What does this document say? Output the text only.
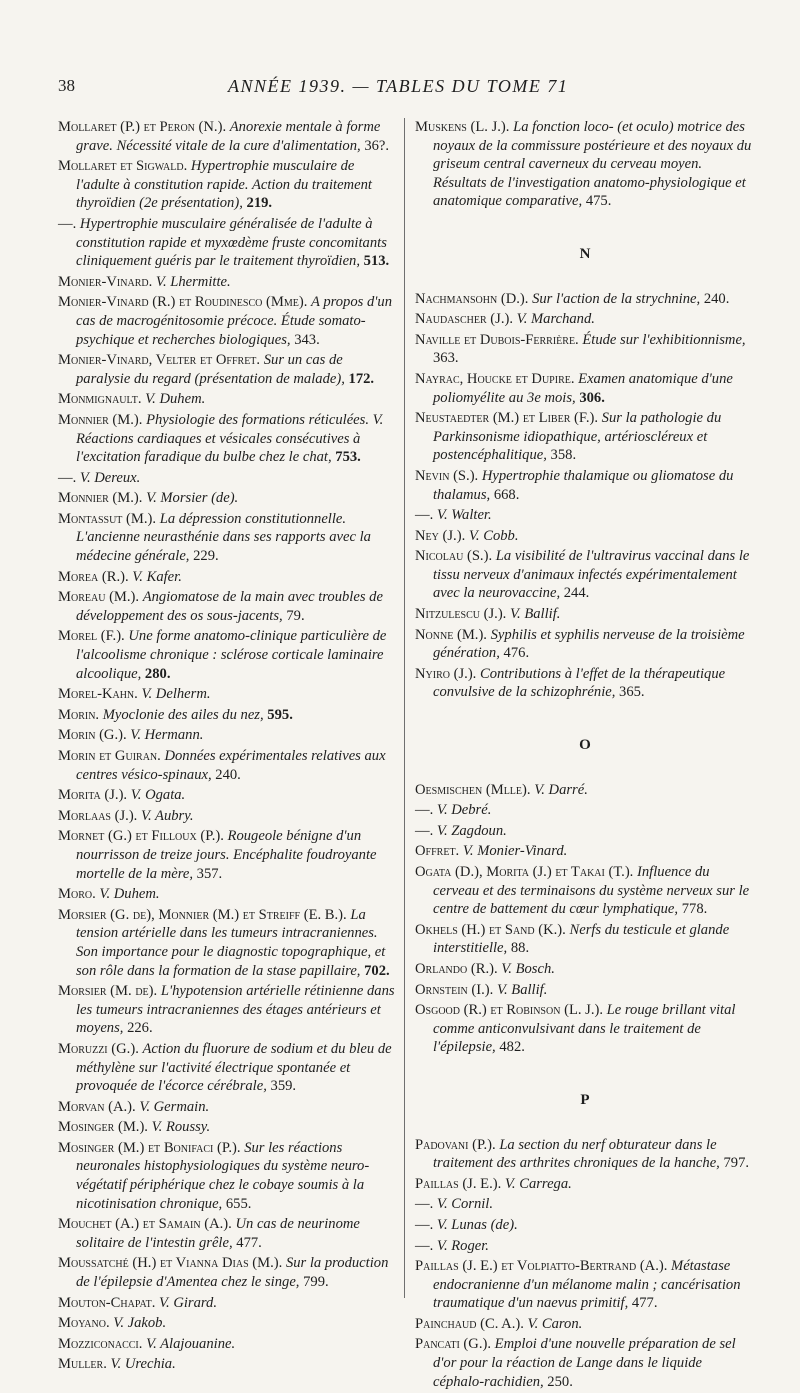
38	ANNÉE 1939. — TABLES DU TOME 71

Mollaret (P.) et Peron (N.). Anorexie mentale à forme grave. Nécessité vitale de la cure d'alimentation, 36?.

Mollaret et Sigwald. Hypertrophie musculaire de l'adulte à constitution rapide. Action du traitement thyroïdien (2e présentation), 219.

—. Hypertrophie musculaire généralisée de l'adulte à constitution rapide et myxœdème fruste concomitants cliniquement guéris par le traitement thyroïdien, 513.

Monier-Vinard. V. Lhermitte.

Monier-Vinard (R.) et Roudinesco (Mme). A propos d'un cas de macrogénitosomie précoce. Étude somato-psychique et recherches biologiques, 343.

Monier-Vinard, Velter et Offret. Sur un cas de paralysie du regard (présentation de malade), 172.

Monmignault. V. Duhem.

Monnier (M.). Physiologie des formations réticulées. V. Réactions cardiaques et vésicales consécutives à l'excitation faradique du bulbe chez le chat, 753.

—. V. Dereux.

Monnier (M.). V. Morsier (de).

Montassut (M.). La dépression constitutionnelle. L'ancienne neurasthénie dans ses rapports avec la médecine générale, 229.

Morea (R.). V. Kafer.

Moreau (M.). Angiomatose de la main avec troubles de développement des os sous-jacents, 79.

Morel (F.). Une forme anatomo-clinique particulière de l'alcoolisme chronique : sclérose corticale laminaire alcoolique, 280.

Morel-Kahn. V. Delherm.

Morin. Myoclonie des ailes du nez, 595.

Morin (G.). V. Hermann.

Morin et Guiran. Données expérimentales relatives aux centres vésico-spinaux, 240.

Morita (J.). V. Ogata.

Morlaas (J.). V. Aubry.

Mornet (G.) et Filloux (P.). Rougeole bénigne d'un nourrisson de treize jours. Encéphalite foudroyante mortelle de la mère, 357.

Moro. V. Duhem.

Morsier (G. de), Monnier (M.) et Streiff (E. B.). La tension artérielle dans les tumeurs intracraniennes. Son importance pour le diagnostic topographique, et son rôle dans la formation de la stase papillaire, 702.

Morsier (M. de). L'hypotension artérielle rétinienne dans les tumeurs intracraniennes des étages antérieurs et moyens, 226.

Moruzzi (G.). Action du fluorure de sodium et du bleu de méthylène sur l'activité électrique spontanée et provoquée de l'écorce cérébrale, 359.

Morvan (A.). V. Germain.

Mosinger (M.). V. Roussy.

Mosinger (M.) et Bonifaci (P.). Sur les réactions neuronales histophysiologiques du système neuro-végétatif périphérique chez le cobaye soumis à la nicotinisation chronique, 655.

Mouchet (A.) et Samain (A.). Un cas de neurinome solitaire de l'intestin grêle, 477.

Moussatché (H.) et Vianna Dias (M.). Sur la production de l'épilepsie d'Amentea chez le singe, 799.

Mouton-Chapat. V. Girard.

Moyano. V. Jakob.

Mozziconacci. V. Alajouanine.

Muller. V. Urechia.

Muskens (L. J.). La fonction loco- (et oculo) motrice des noyaux de la commissure postérieure et des noyaux du griseum central caverneux du cerveau moyen. Résultats de l'investigation anatomo-physiologique et anatomique comparative, 475.

N

Nachmansohn (D.). Sur l'action de la strychnine, 240.

Naudascher (J.). V. Marchand.

Naville et Dubois-Ferrière. Étude sur l'exhibitionnisme, 363.

Nayrac, Houcke et Dupire. Examen anatomique d'une poliomyélite au 3e mois, 306.

Neustaedter (M.) et Liber (F.). Sur la pathologie du Parkinsonisme idiopathique, artérioscléreux et postencéphalitique, 358.

Nevin (S.). Hypertrophie thalamique ou gliomatose du thalamus, 668.

—. V. Walter.

Ney (J.). V. Cobb.

Nicolau (S.). La visibilité de l'ultravirus vaccinal dans le tissu nerveux d'animaux infectés expérimentalement avec la neurovaccine, 244.

Nitzulescu (J.). V. Ballif.

Nonne (M.). Syphilis et syphilis nerveuse de la troisième génération, 476.

Nyiro (J.). Contributions à l'effet de la thérapeutique convulsive de la schizophrénie, 365.

O

Oesmischen (Mlle). V. Darré.

—. V. Debré.

—. V. Zagdoun.

Offret. V. Monier-Vinard.

Ogata (D.), Morita (J.) et Takai (T.). Influence du cerveau et des terminaisons du système nerveux sur le centre de battement du cœur lymphatique, 778.

Okhels (H.) et Sand (K.). Nerfs du testicule et glande interstitielle, 88.

Orlando (R.). V. Bosch.

Ornstein (I.). V. Ballif.

Osgood (R.) et Robinson (L. J.). Le rouge brillant vital comme anticonvulsivant dans le traitement de l'épilepsie, 482.

P

Padovani (P.). La section du nerf obturateur dans le traitement des arthrites chroniques de la hanche, 797.

Paillas (J. E.). V. Carrega.

—. V. Cornil.

—. V. Lunas (de).

—. V. Roger.

Paillas (J. E.) et Volpiatto-Bertrand (A.). Métastase endocranienne d'un mélanome malin ; cancérisation traumatique d'un naevus primitif, 477.

Painchaud (C. A.). V. Caron.

Pancati (G.). Emploi d'une nouvelle préparation de sel d'or pour la réaction de Lange dans le liquide céphalo-rachidien, 250.
